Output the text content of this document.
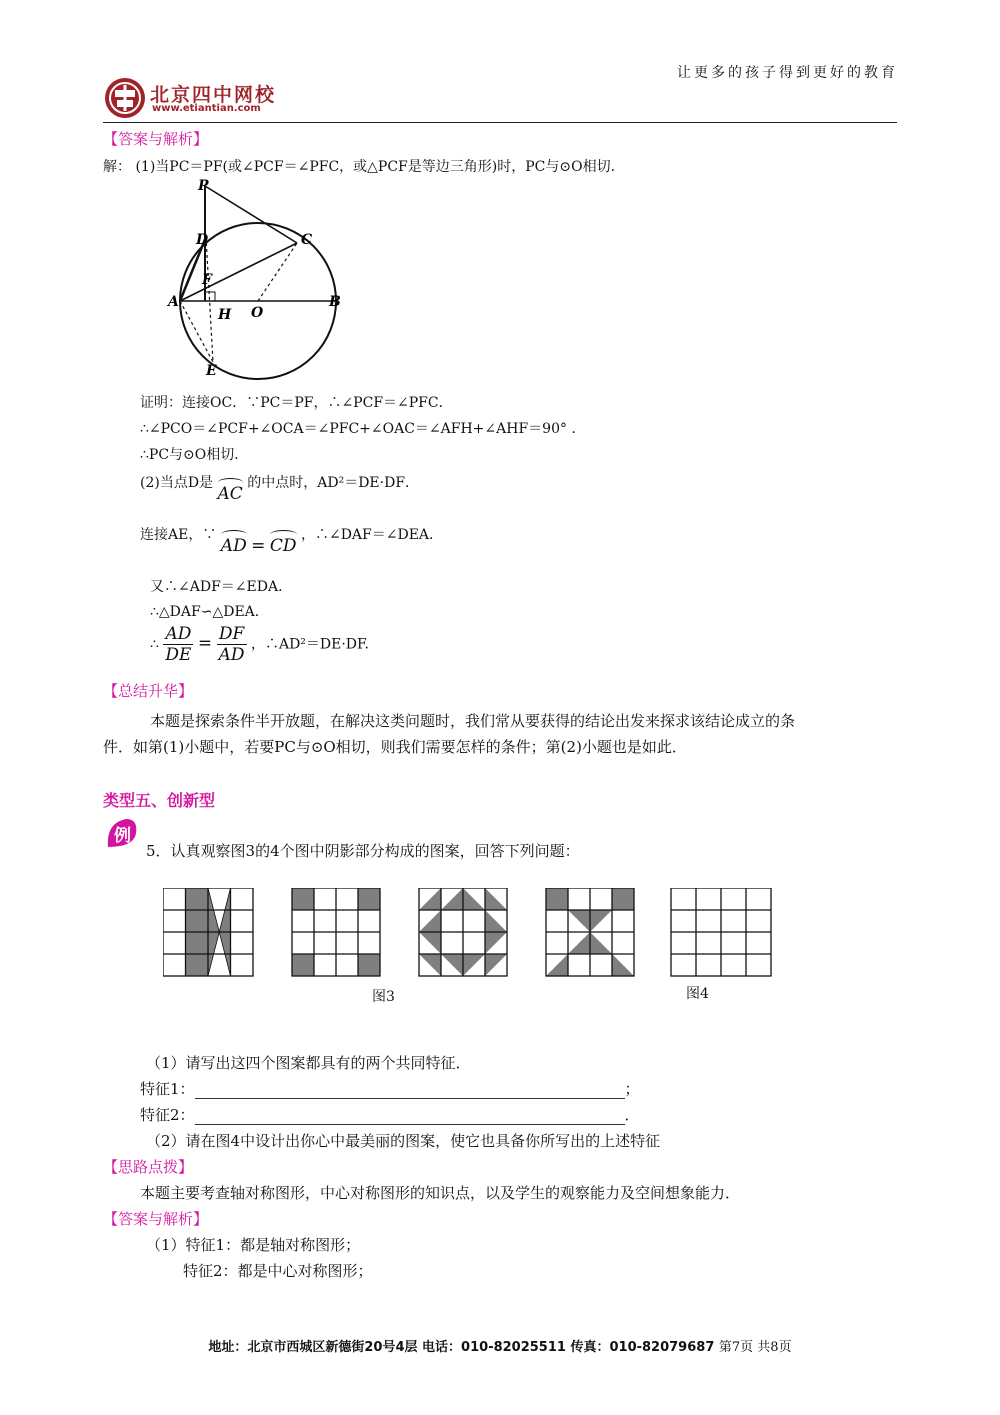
让更多的孩子得到更好的教育
北京四中网校
www.etiantian.com
【答案与解析】
解： (1)当PC＝PF(或∠PCF＝∠PFC，或△PCF是等边三角形)时，PC与⊙O相切．
P
D	C
F
A
H O
B
E
证明：连接OC．∵PC＝PF，∴∠PCF＝∠PFC．
∴∠PCO＝∠PCF+∠OCA＝∠PFC+∠OAC＝∠AFH+∠AHF＝90° ．
∴PC与⊙O相切．
(2)当点D是 AC 的中点时，AD²＝DE·DF．
连接AE，∵ AD = CD ，∴∠DAF＝∠DEA．
又∴∠ADF＝∠EDA．
∴△DAF∽△DEA．
∴ $\frac{AD}{DE} = \frac{DF}{AD}$ ，∴AD²＝DE·DF.
【总结升华】
本题是探索条件半开放题，在解决这类问题时，我们常从要获得的结论出发来探求该结论成立的条
件．如第(1)小题中，若要PC与⊙O相切，则我们需要怎样的条件；第(2)小题也是如此．
类型五、创新型
例
5．认真观察图3的4个图中阴影部分构成的图案，回答下列问题：
图3	图4
（1）请写出这四个图案都具有的两个共同特征．
特征1：	；
特征2：	．
（2）请在图4中设计出你心中最美丽的图案，使它也具备你所写出的上述特征
【思路点拨】
本题主要考查轴对称图形，中心对称图形的知识点，以及学生的观察能力及空间想象能力．
【答案与解析】
（1）特征1：都是轴对称图形；
特征2：都是中心对称图形；
地址：北京市西城区新德街20号4层 电话：010-82025511 传真：010-82079687 第7页 共8页
